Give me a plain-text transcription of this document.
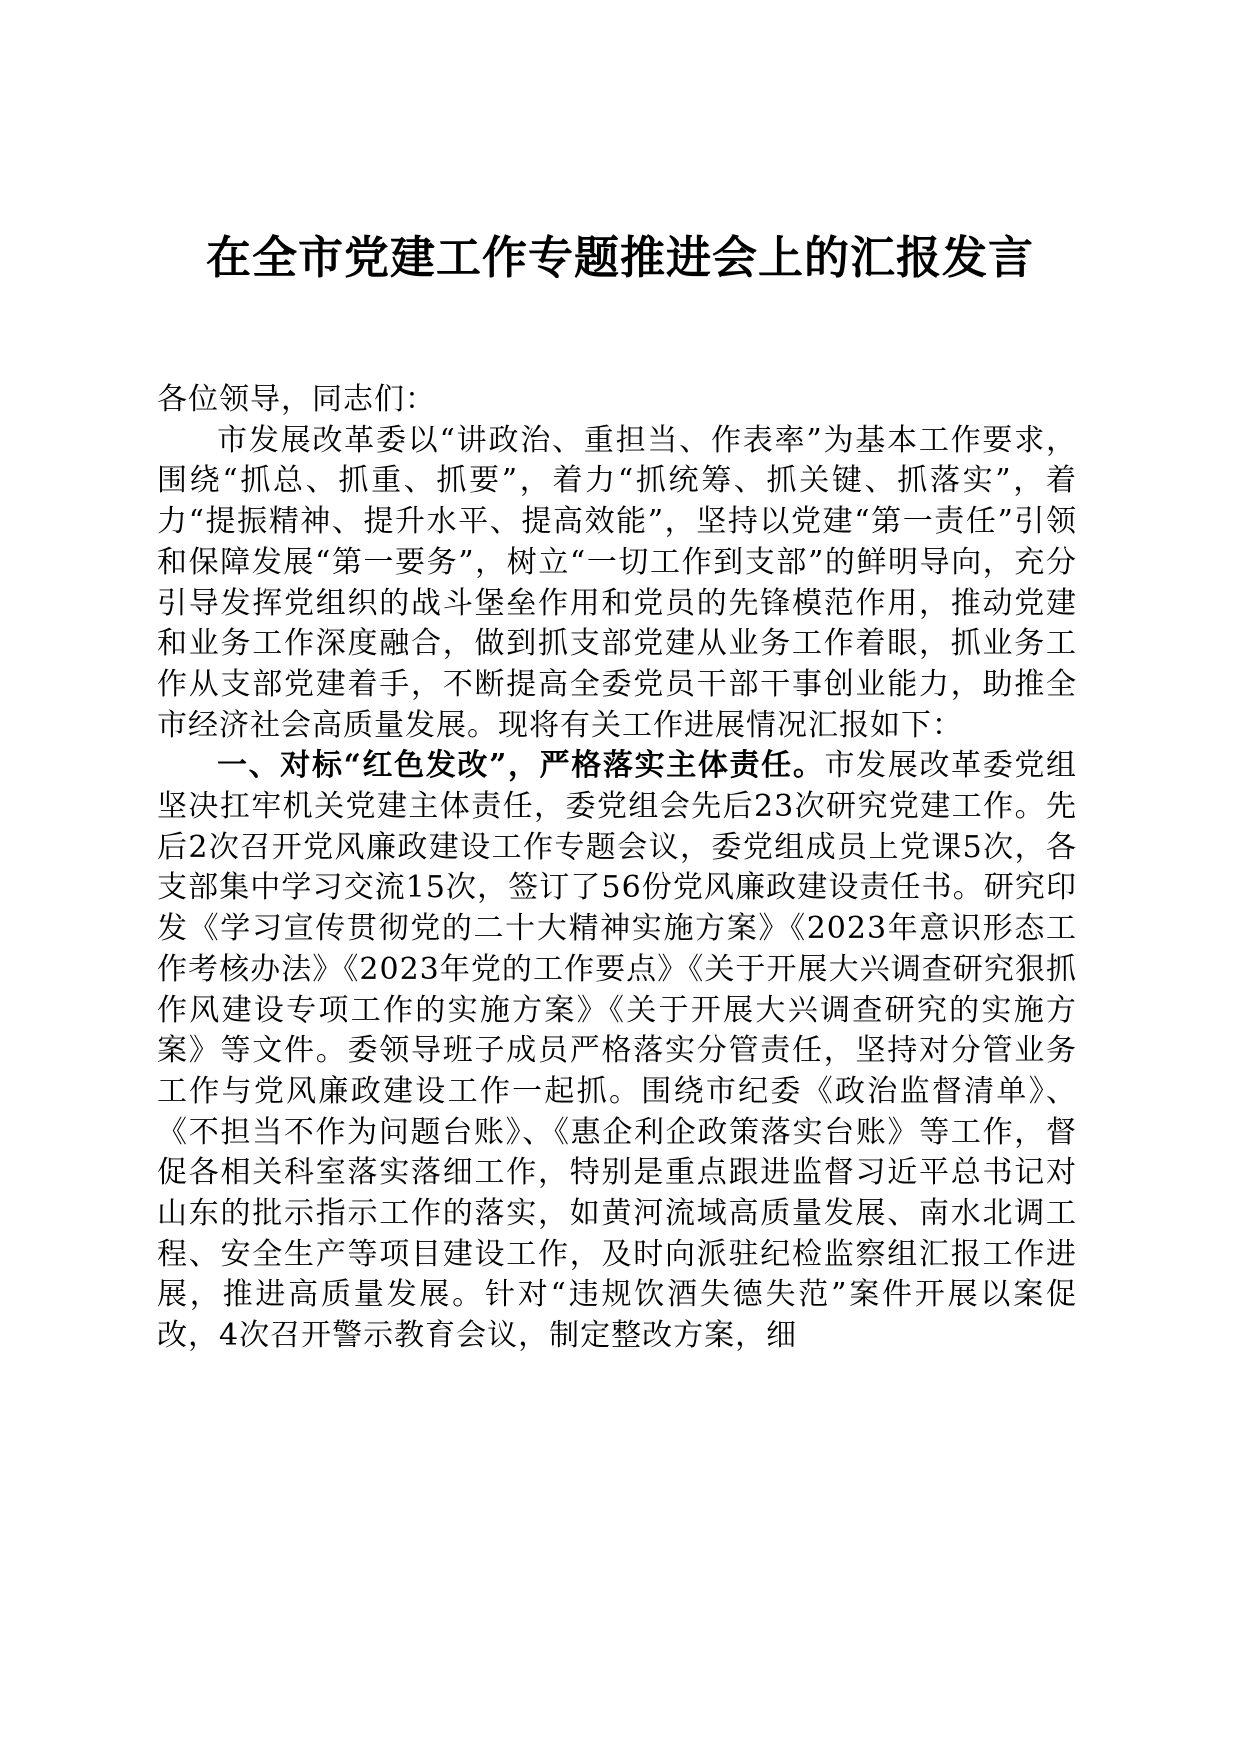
在全市党建工作专题推进会上的汇报发言

各位领导，同志们：

市发展改革委以“讲政治、重担当、作表率”为基本工作要求，围绕“抓总、抓重、抓要”，着力“抓统筹、抓关键、抓落实”，着力“提振精神、提升水平、提高效能”，坚持以党建“第一责任”引领和保障发展“第一要务”，树立“一切工作到支部”的鲜明导向，充分引导发挥党组织的战斗堡垒作用和党员的先锋模范作用，推动党建和业务工作深度融合，做到抓支部党建从业务工作着眼，抓业务工作从支部党建着手，不断提高全委党员干部干事创业能力，助推全市经济社会高质量发展。现将有关工作进展情况汇报如下：

一、对标“红色发改”，严格落实主体责任。市发展改革委党组坚决扛牢机关党建主体责任，委党组会先后23次研究党建工作。先后2次召开党风廉政建设工作专题会议，委党组成员上党课5次，各支部集中学习交流15次，签订了56份党风廉政建设责任书。研究印发《学习宣传贯彻党的二十大精神实施方案》《2023年意识形态工作考核办法》《2023年党的工作要点》《关于开展大兴调查研究狠抓作风建设专项工作的实施方案》《关于开展大兴调查研究的实施方案》等文件。委领导班子成员严格落实分管责任，坚持对分管业务工作与党风廉政建设工作一起抓。围绕市纪委《政治监督清单》、《不担当不作为问题台账》、《惠企利企政策落实台账》等工作，督促各相关科室落实落细工作，特别是重点跟进监督习近平总书记对山东的批示指示工作的落实，如黄河流域高质量发展、南水北调工程、安全生产等项目建设工作，及时向派驻纪检监察组汇报工作进展，推进高质量发展。针对“违规饮酒失德失范”案件开展以案促改，4次召开警示教育会议，制定整改方案，细
